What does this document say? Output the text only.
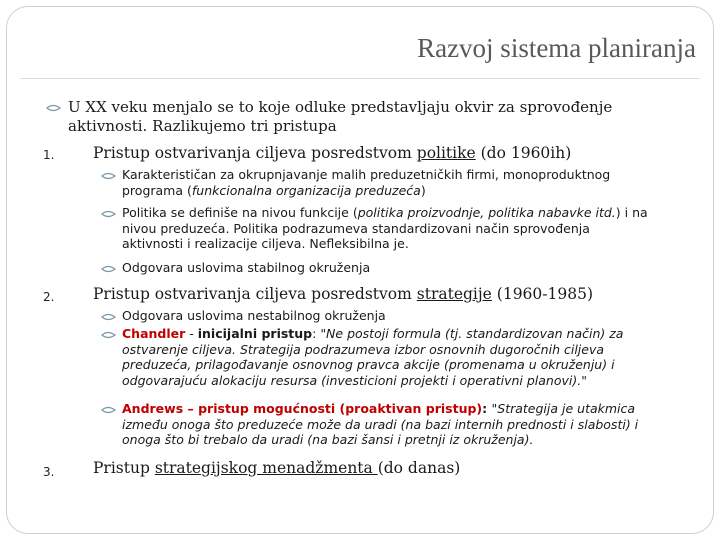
Razvoj sistema planiranja
U XX veku menjalo se to koje odluke predstavljaju okvir za sprovođenje
aktivnosti. Razlikujemo tri pristupa
1. Pristup ostvarivanja ciljeva posredstvom politike (do 1960ih)
Karakterističan za okrupnjavanje malih preduzetničkih firmi, monoproduktnog
programa (funkcionalna organizacija preduzeća)
Politika se definiše na nivou funkcije (politika proizvodnje, politika nabavke itd.) i na
nivou preduzeća. Politika podrazumeva standardizovani način sprovođenja
aktivnosti i realizacije ciljeva. Nefleksibilna je.
Odgovara uslovima stabilnog okruženja
2. Pristup ostvarivanja ciljeva posredstvom strategije (1960-1985)
Odgovara uslovima nestabilnog okruženja
Chandler - inicijalni pristup: "Ne postoji formula (tj. standardizovan način) za
ostvarenje ciljeva. Strategija podrazumeva izbor osnovnih dugoročnih ciljeva
preduzeća, prilagođavanje osnovnog pravca akcije (promenama u okruženju) i
odgovarajuću alokaciju resursa (investicioni projekti i operativni planovi)."
Andrews – pristup mogućnosti (proaktivan pristup): "Strategija je utakmica
između onoga što preduzeće može da uradi (na bazi internih prednosti i slabosti) i
onoga što bi trebalo da uradi (na bazi šansi i pretnji iz okruženja).
3. Pristup strategijskog menadžmenta (do danas)
